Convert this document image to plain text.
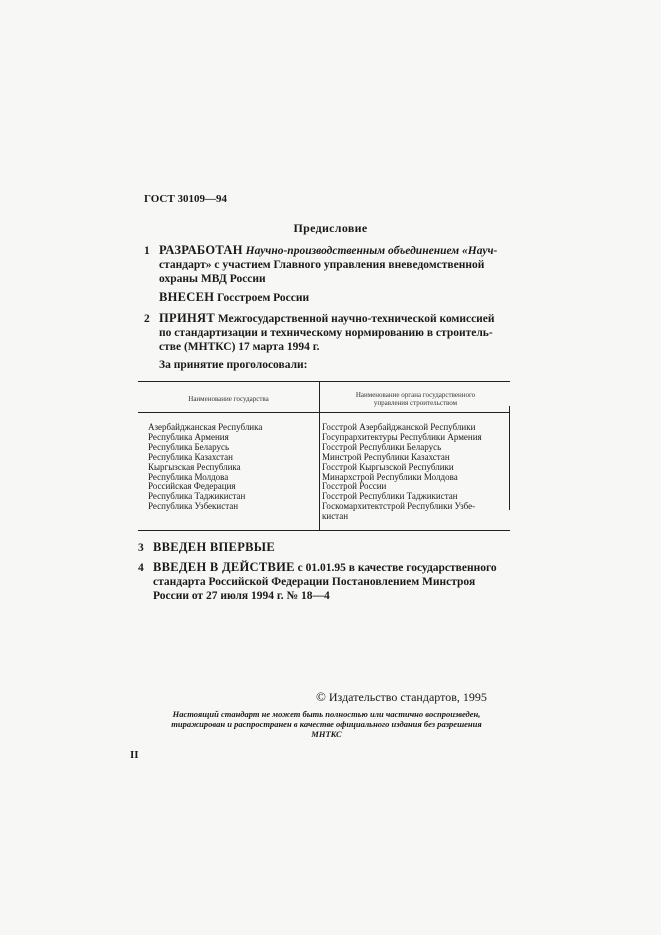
ГОСТ 30109—94
Предисловие
1 РАЗРАБОТАН Научно-производственным объединением «Науч-
стандарт» с участием Главного управления вневедомственной
охраны МВД России
ВНЕСЕН Госстроем России
2 ПРИНЯТ Межгосударственной научно-технической комиссией
по стандартизации и техническому нормированию в строитель-
стве (МНТКС) 17 марта 1994 г.
За принятие проголосовали:
Наименование государства	Наименование органа государственного
управления строительством
Азербайджанская Республика
Республика Армения
Республика Беларусь
Республика Казахстан
Кыргызская Республика
Республика Молдова
Российская Федерация
Республика Таджикистан
Республика Узбекистан
Госстрой Азербайджанской Республики
Госупрархитектуры Республики Армения
Госстрой Республики Беларусь
Минстрой Республики Казахстан
Госстрой Кыргызской Республики
Минархстрой Республики Молдова
Госстрой России
Госстрой Республики Таджикистан
Госкомархитектстрой Республики Узбе-
кистан
3 ВВЕДЕН ВПЕРВЫЕ
4 ВВЕДЕН В ДЕЙСТВИЕ с 01.01.95 в качестве государственного
стандарта Российской Федерации Постановлением Минстроя
России от 27 июля 1994 г. № 18—4
© Издательство стандартов, 1995
Настоящий стандарт не может быть полностью или частично воспроизведен,
тиражирован и распространен в качестве официального издания без разрешения
МНТКС
II
